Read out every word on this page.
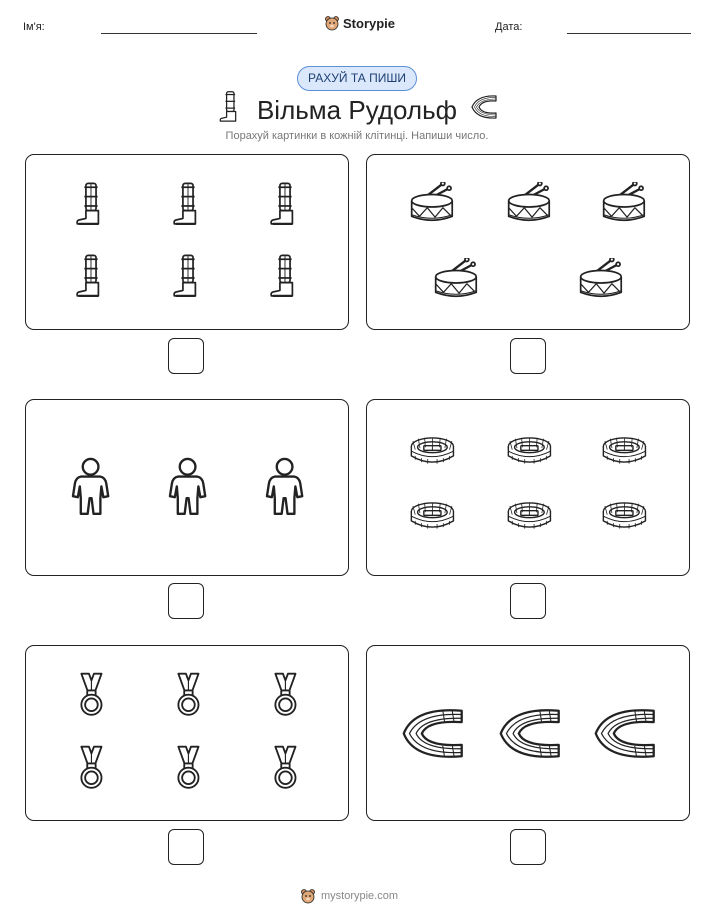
Ім'я:	Storypie	Дата:
РАХУЙ ТА ПИШИ
Вільма Рудольф
Порахуй картинки в кожній клітинці. Напиши число.
mystorypie.com
